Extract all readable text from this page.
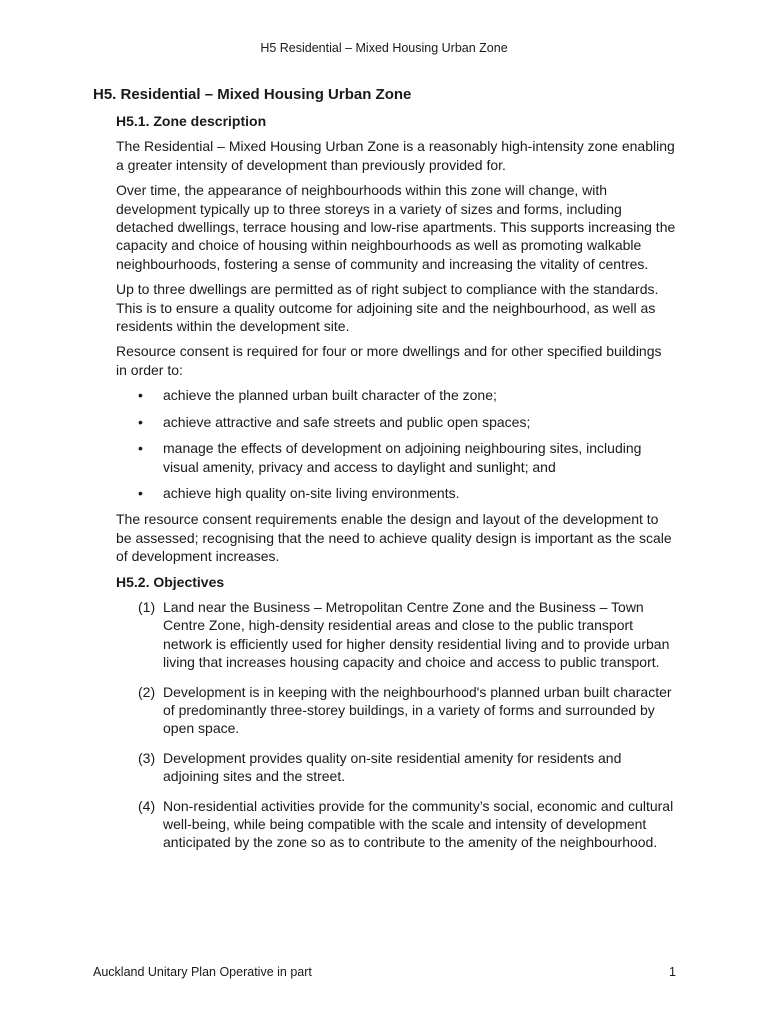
H5 Residential – Mixed Housing Urban Zone
H5. Residential – Mixed Housing Urban Zone
H5.1. Zone description

The Residential – Mixed Housing Urban Zone is a reasonably high-intensity zone enabling a greater intensity of development than previously provided for.

Over time, the appearance of neighbourhoods within this zone will change, with development typically up to three storeys in a variety of sizes and forms, including detached dwellings, terrace housing and low-rise apartments. This supports increasing the capacity and choice of housing within neighbourhoods as well as promoting walkable neighbourhoods, fostering a sense of community and increasing the vitality of centres.

Up to three dwellings are permitted as of right subject to compliance with the standards. This is to ensure a quality outcome for adjoining site and the neighbourhood, as well as residents within the development site.

Resource consent is required for four or more dwellings and for other specified buildings in order to:

• achieve the planned urban built character of the zone;
• achieve attractive and safe streets and public open spaces;
• manage the effects of development on adjoining neighbouring sites, including visual amenity, privacy and access to daylight and sunlight; and
• achieve high quality on-site living environments.

The resource consent requirements enable the design and layout of the development to be assessed; recognising that the need to achieve quality design is important as the scale of development increases.

H5.2. Objectives
(1) Land near the Business – Metropolitan Centre Zone and the Business – Town Centre Zone, high-density residential areas and close to the public transport network is efficiently used for higher density residential living and to provide urban living that increases housing capacity and choice and access to public transport.
(2) Development is in keeping with the neighbourhood's planned urban built character of predominantly three-storey buildings, in a variety of forms and surrounded by open space.
(3) Development provides quality on-site residential amenity for residents and adjoining sites and the street.
(4) Non-residential activities provide for the community’s social, economic and cultural well-being, while being compatible with the scale and intensity of development anticipated by the zone so as to contribute to the amenity of the neighbourhood.
Auckland Unitary Plan Operative in part	1
